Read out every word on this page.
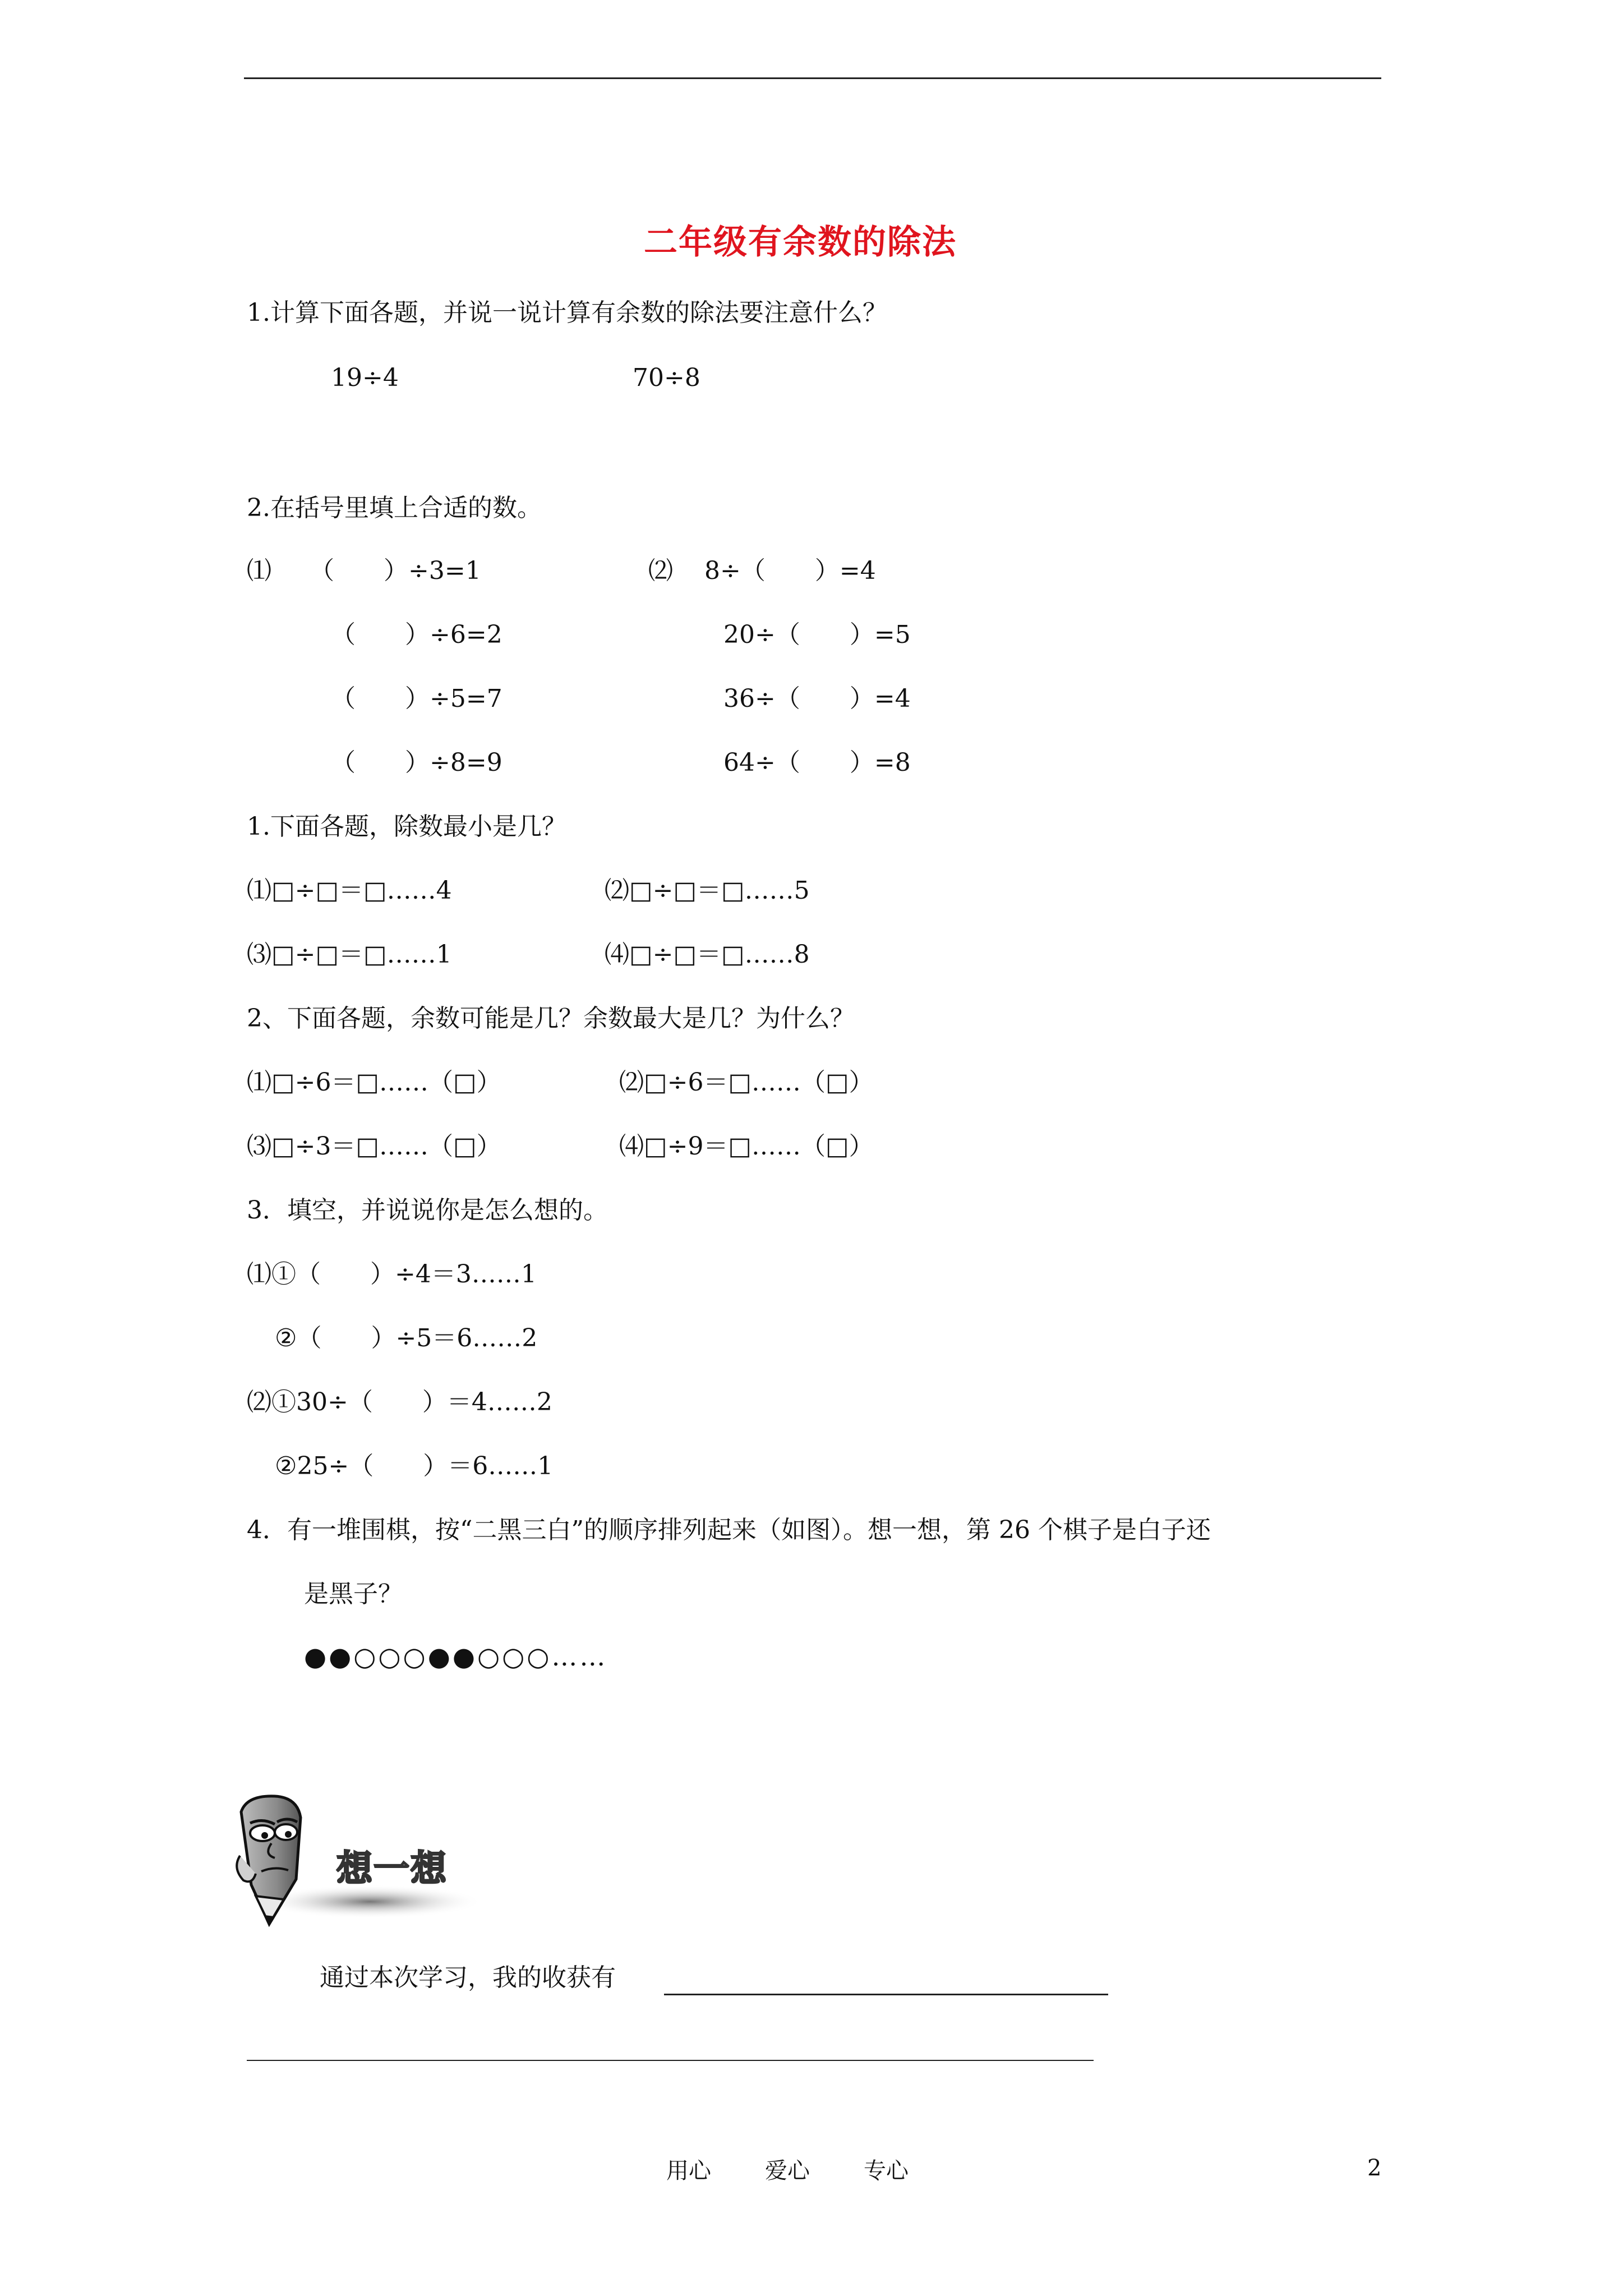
二年级有余数的除法
1.计算下面各题，并说一说计算有余数的除法要注意什么？
19÷4	70÷8
2.在括号里填上合适的数。
⑴ （　　）÷3=1	⑵ 8÷（　　）=4
（　　）÷6=2	20÷（　　）=5
（　　）÷5=7	36÷（　　）=4
（　　）÷8=9	64÷（　　）=8
1.下面各题，除数最小是几？
⑴□÷□＝□……4	⑵□÷□＝□……5
⑶□÷□＝□……1	⑷□÷□＝□……8
2、下面各题，余数可能是几？余数最大是几？为什么？
⑴□÷6＝□……（□）	⑵□÷6＝□……（□）
⑶□÷3＝□……（□）	⑷□÷9＝□……（□）
3．填空，并说说你是怎么想的。
⑴①（　　）÷4＝3……1
②（　　）÷5＝6……2
⑵①30÷（　　）＝4……2
②25÷（　　）＝6……1
4．有一堆围棋，按“二黑三白”的顺序排列起来（如图）。想一想，第 26 个棋子是白子还
是黑子？
●●○○○●●○○○……
想一想
通过本次学习，我的收获有
用心 爱心 专心	2
